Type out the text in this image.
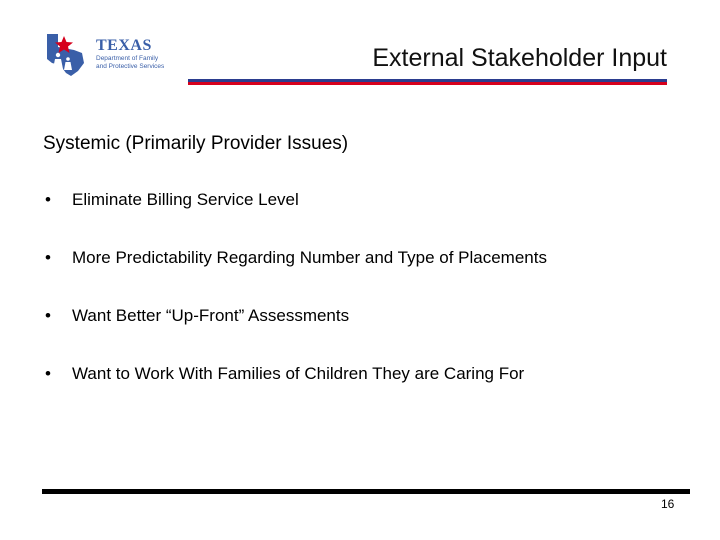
TEXAS
Department of Family
and Protective Services	External Stakeholder Input
Systemic (Primarily Provider Issues)
•	Eliminate Billing Service Level
•	More Predictability Regarding Number and Type of Placements
•	Want Better “Up-Front” Assessments
•	Want to Work With Families of Children They are Caring For
16
